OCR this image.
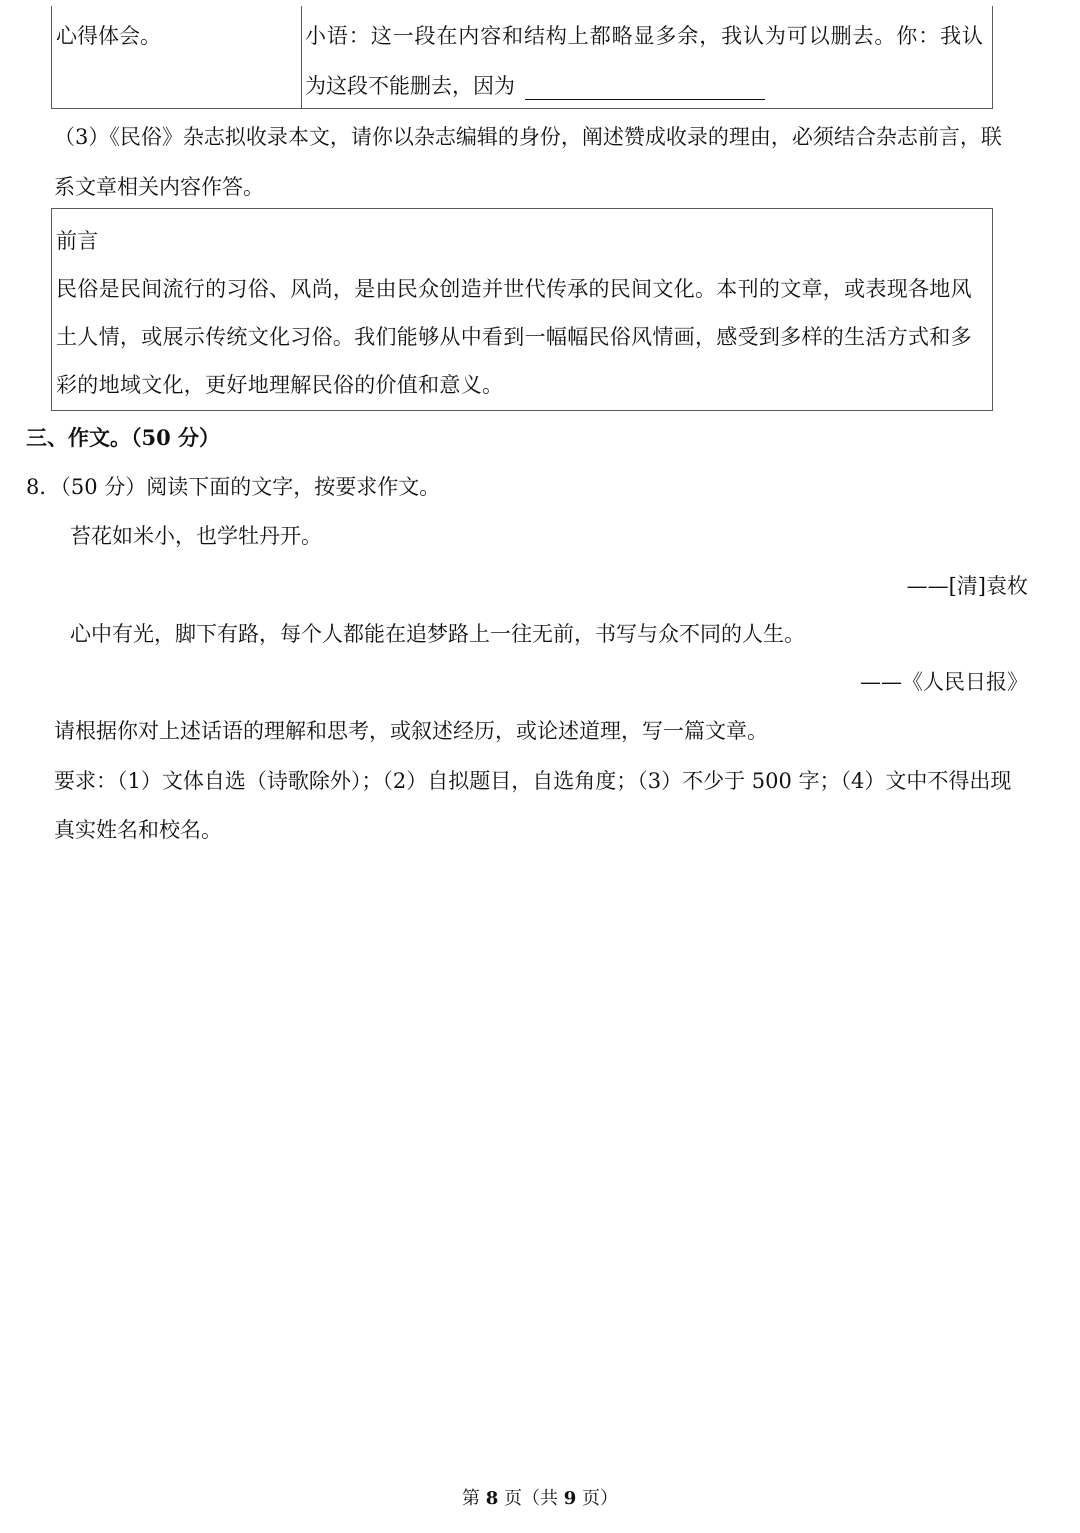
心得体会。	小语：这一段在内容和结构上都略显多余，我认为可以删去。你：我认
为这段不能删去，因为
（3）《民俗》杂志拟收录本文，请你以杂志编辑的身份，阐述赞成收录的理由，必须结合杂志前言，联
系文章相关内容作答。
前言
民俗是民间流行的习俗、风尚，是由民众创造并世代传承的民间文化。本刊的文章，或表现各地风
土人情，或展示传统文化习俗。我们能够从中看到一幅幅民俗风情画，感受到多样的生活方式和多
彩的地域文化，更好地理解民俗的价值和意义。
三、作文。（50 分）
8．（50 分）阅读下面的文字，按要求作文。
苔花如米小，也学牡丹开。
——[清]袁枚
心中有光，脚下有路，每个人都能在追梦路上一往无前，书写与众不同的人生。
——《人民日报》
请根据你对上述话语的理解和思考，或叙述经历，或论述道理，写一篇文章。
要求：（1）文体自选（诗歌除外）；（2）自拟题目，自选角度；（3）不少于 500 字；（4）文中不得出现
真实姓名和校名。
第 8 页（共 9 页）
